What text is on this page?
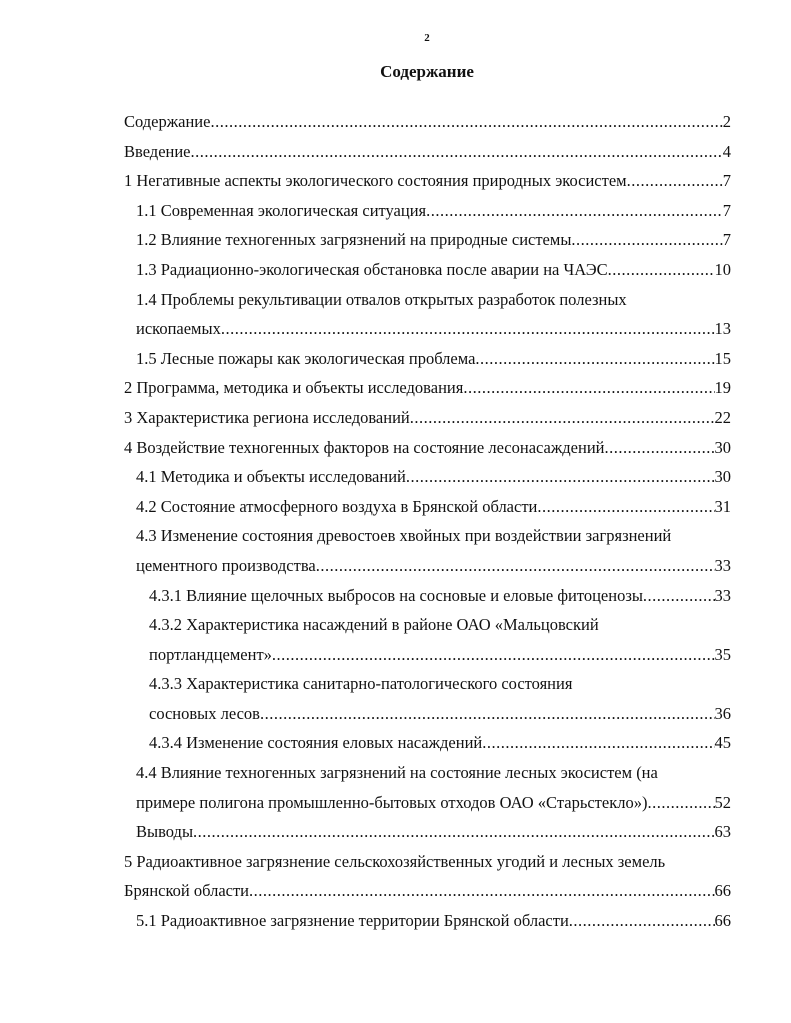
2
Содержание
Содержание .....	2
Введение .....	4
1 Негативные аспекты экологического состояния природных экосистем .....	7
1.1 Современная экологическая ситуация .....	7
1.2 Влияние техногенных загрязнений на природные системы .....	7
1.3 Радиационно-экологическая обстановка после аварии на ЧАЭС .....	10
1.4 Проблемы рекультивации отвалов открытых разработок полезных
ископаемых .....	13
1.5 Лесные пожары как экологическая проблема .....	15
2 Программа, методика и объекты исследования .....	19
3 Характеристика региона исследований .....	22
4 Воздействие техногенных факторов на состояние лесонасаждений .....	30
4.1 Методика и объекты исследований .....	30
4.2 Состояние атмосферного воздуха в Брянской области .....	31
4.3 Изменение состояния древостоев хвойных при воздействии загрязнений
цементного производства .....	33
4.3.1 Влияние щелочных выбросов на сосновые и еловые фитоценозы .....	33
4.3.2 Характеристика насаждений в районе ОАО «Мальцовский
портландцемент» .....	35
4.3.3 Характеристика санитарно-патологического состояния
сосновых лесов .....	36
4.3.4 Изменение состояния еловых насаждений .....	45
4.4 Влияние техногенных загрязнений на состояние лесных экосистем (на
примере полигона промышленно-бытовых отходов ОАО «Старьстекло») .....	52
Выводы .....	63
5 Радиоактивное загрязнение сельскохозяйственных угодий и лесных земель
Брянской области .....	66
5.1 Радиоактивное загрязнение территории Брянской области .....	66
